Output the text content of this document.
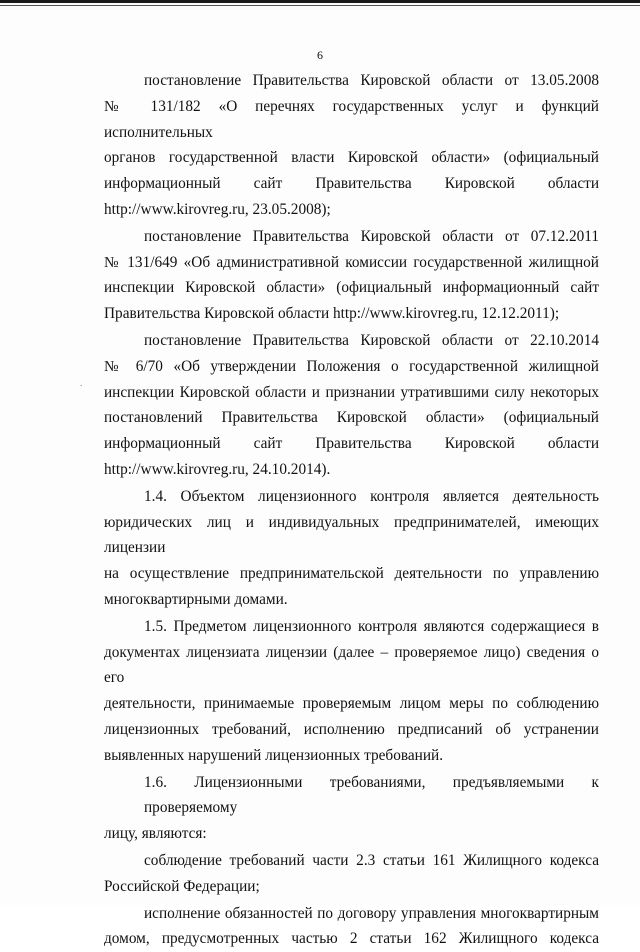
6
.
постановление Правительства Кировской области от 13.05.2008
№ 131/182 «О перечнях государственных услуг и функций исполнительных
органов государственной власти Кировской области» (официальный
информационный сайт Правительства Кировской области
http://www.kirovreg.ru, 23.05.2008);
постановление Правительства Кировской области от 07.12.2011
№ 131/649 «Об административной комиссии государственной жилищной
инспекции Кировской области» (официальный информационный сайт
Правительства Кировской области http://www.kirovreg.ru, 12.12.2011);
постановление Правительства Кировской области от 22.10.2014
№ 6/70 «Об утверждении Положения о государственной жилищной
инспекции Кировской области и признании утратившими силу некоторых
постановлений Правительства Кировской области» (официальный
информационный сайт Правительства Кировской области
http://www.kirovreg.ru, 24.10.2014).
1.4. Объектом лицензионного контроля является деятельность
юридических лиц и индивидуальных предпринимателей, имеющих лицензии
на осуществление предпринимательской деятельности по управлению
многоквартирными домами.
1.5. Предметом лицензионного контроля являются содержащиеся в
документах лицензиата лицензии (далее – проверяемое лицо) сведения о его
деятельности, принимаемые проверяемым лицом меры по соблюдению
лицензионных требований, исполнению предписаний об устранении
выявленных нарушений лицензионных требований.
1.6. Лицензионными требованиями, предъявляемыми к проверяемому
лицу, являются:
соблюдение требований части 2.3 статьи 161 Жилищного кодекса
Российской Федерации;
исполнение обязанностей по договору управления многоквартирным
домом, предусмотренных частью 2 статьи 162 Жилищного кодекса
